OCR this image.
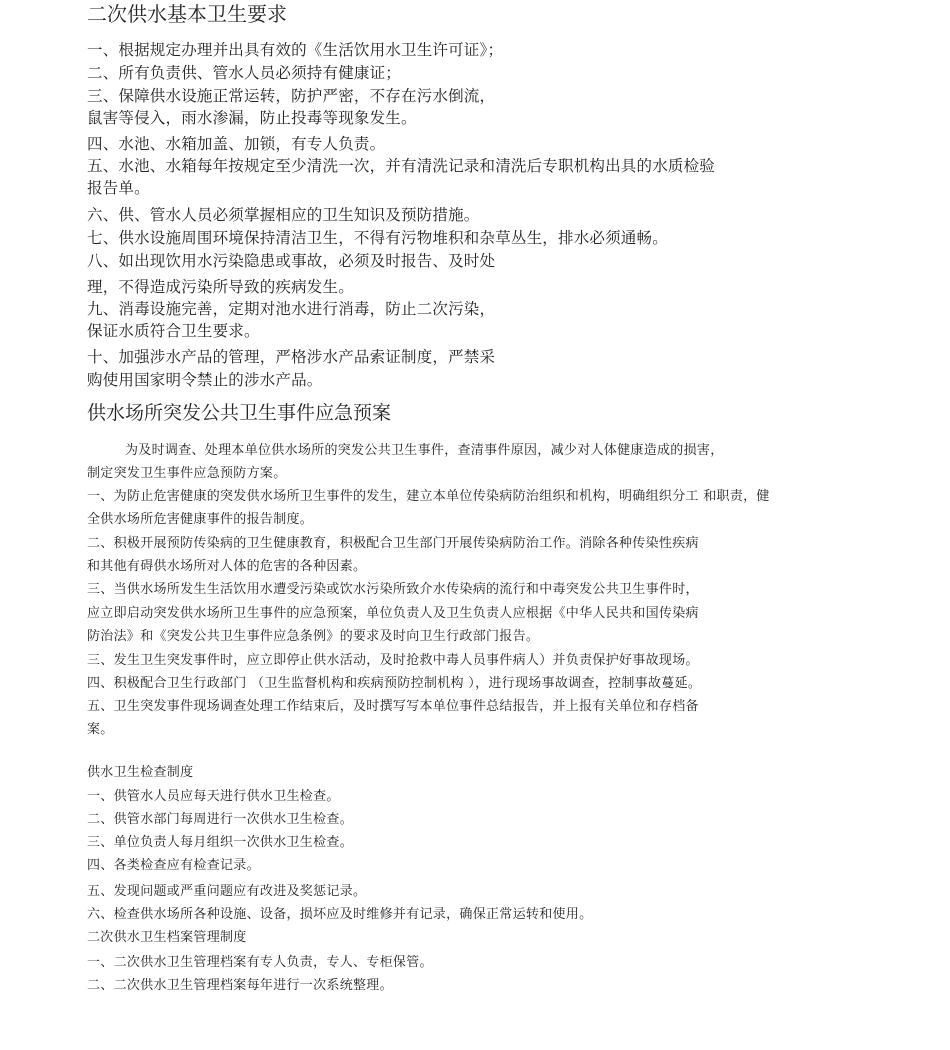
二次供水基本卫生要求
一、根据规定办理并出具有效的《生活饮用水卫生许可证》；
二、所有负责供、管水人员必须持有健康证；
三、保障供水设施正常运转，防护严密，不存在污水倒流，
鼠害等侵入，雨水渗漏，防止投毒等现象发生。
四、水池、水箱加盖、加锁，有专人负责。
五、水池、水箱每年按规定至少清洗一次，并有清洗记录和清洗后专职机构出具的水质检验
报告单。
六、供、管水人员必须掌握相应的卫生知识及预防措施。
七、供水设施周围环境保持清洁卫生，不得有污物堆积和杂草丛生，排水必须通畅。
八、如出现饮用水污染隐患或事故，必须及时报告、及时处
理，不得造成污染所导致的疾病发生。
九、消毒设施完善，定期对池水进行消毒，防止二次污染，
保证水质符合卫生要求。
十、加强涉水产品的管理，严格涉水产品索证制度，严禁采
购使用国家明令禁止的涉水产品。
供水场所突发公共卫生事件应急预案
为及时调查、处理本单位供水场所的突发公共卫生事件，查清事件原因，减少对人体健康造成的损害，
制定突发卫生事件应急预防方案。
一、为防止危害健康的突发供水场所卫生事件的发生，建立本单位传染病防治组织和机构，明确组织分工 和职责，健
全供水场所危害健康事件的报告制度。
二、积极开展预防传染病的卫生健康教育，积极配合卫生部门开展传染病防治工作。消除各种传染性疾病
和其他有碍供水场所对人体的危害的各种因素。
三、当供水场所发生生活饮用水遭受污染或饮水污染所致介水传染病的流行和中毒突发公共卫生事件时，
应立即启动突发供水场所卫生事件的应急预案，单位负责人及卫生负责人应根据《中华人民共和国传染病
防治法》和《突发公共卫生事件应急条例》的要求及时向卫生行政部门报告。
三、发生卫生突发事件时，应立即停止供水活动，及时抢救中毒人员事件病人）并负责保护好事故现场。
四、积极配合卫生行政部门 （卫生监督机构和疾病预防控制机构 ），进行现场事故调查，控制事故蔓延。
五、卫生突发事件现场调查处理工作结束后，及时撰写写本单位事件总结报告，并上报有关单位和存档备
案。
供水卫生检查制度
一、供管水人员应每天进行供水卫生检查。
二、供管水部门每周进行一次供水卫生检查。
三、单位负责人每月组织一次供水卫生检查。
四、各类检查应有检查记录。
五、发现问题或严重问题应有改进及奖惩记录。
六、检查供水场所各种设施、设备，损坏应及时维修并有记录，确保正常运转和使用。
二次供水卫生档案管理制度
一、二次供水卫生管理档案有专人负责，专人、专柜保管。
二、二次供水卫生管理档案每年进行一次系统整理。
